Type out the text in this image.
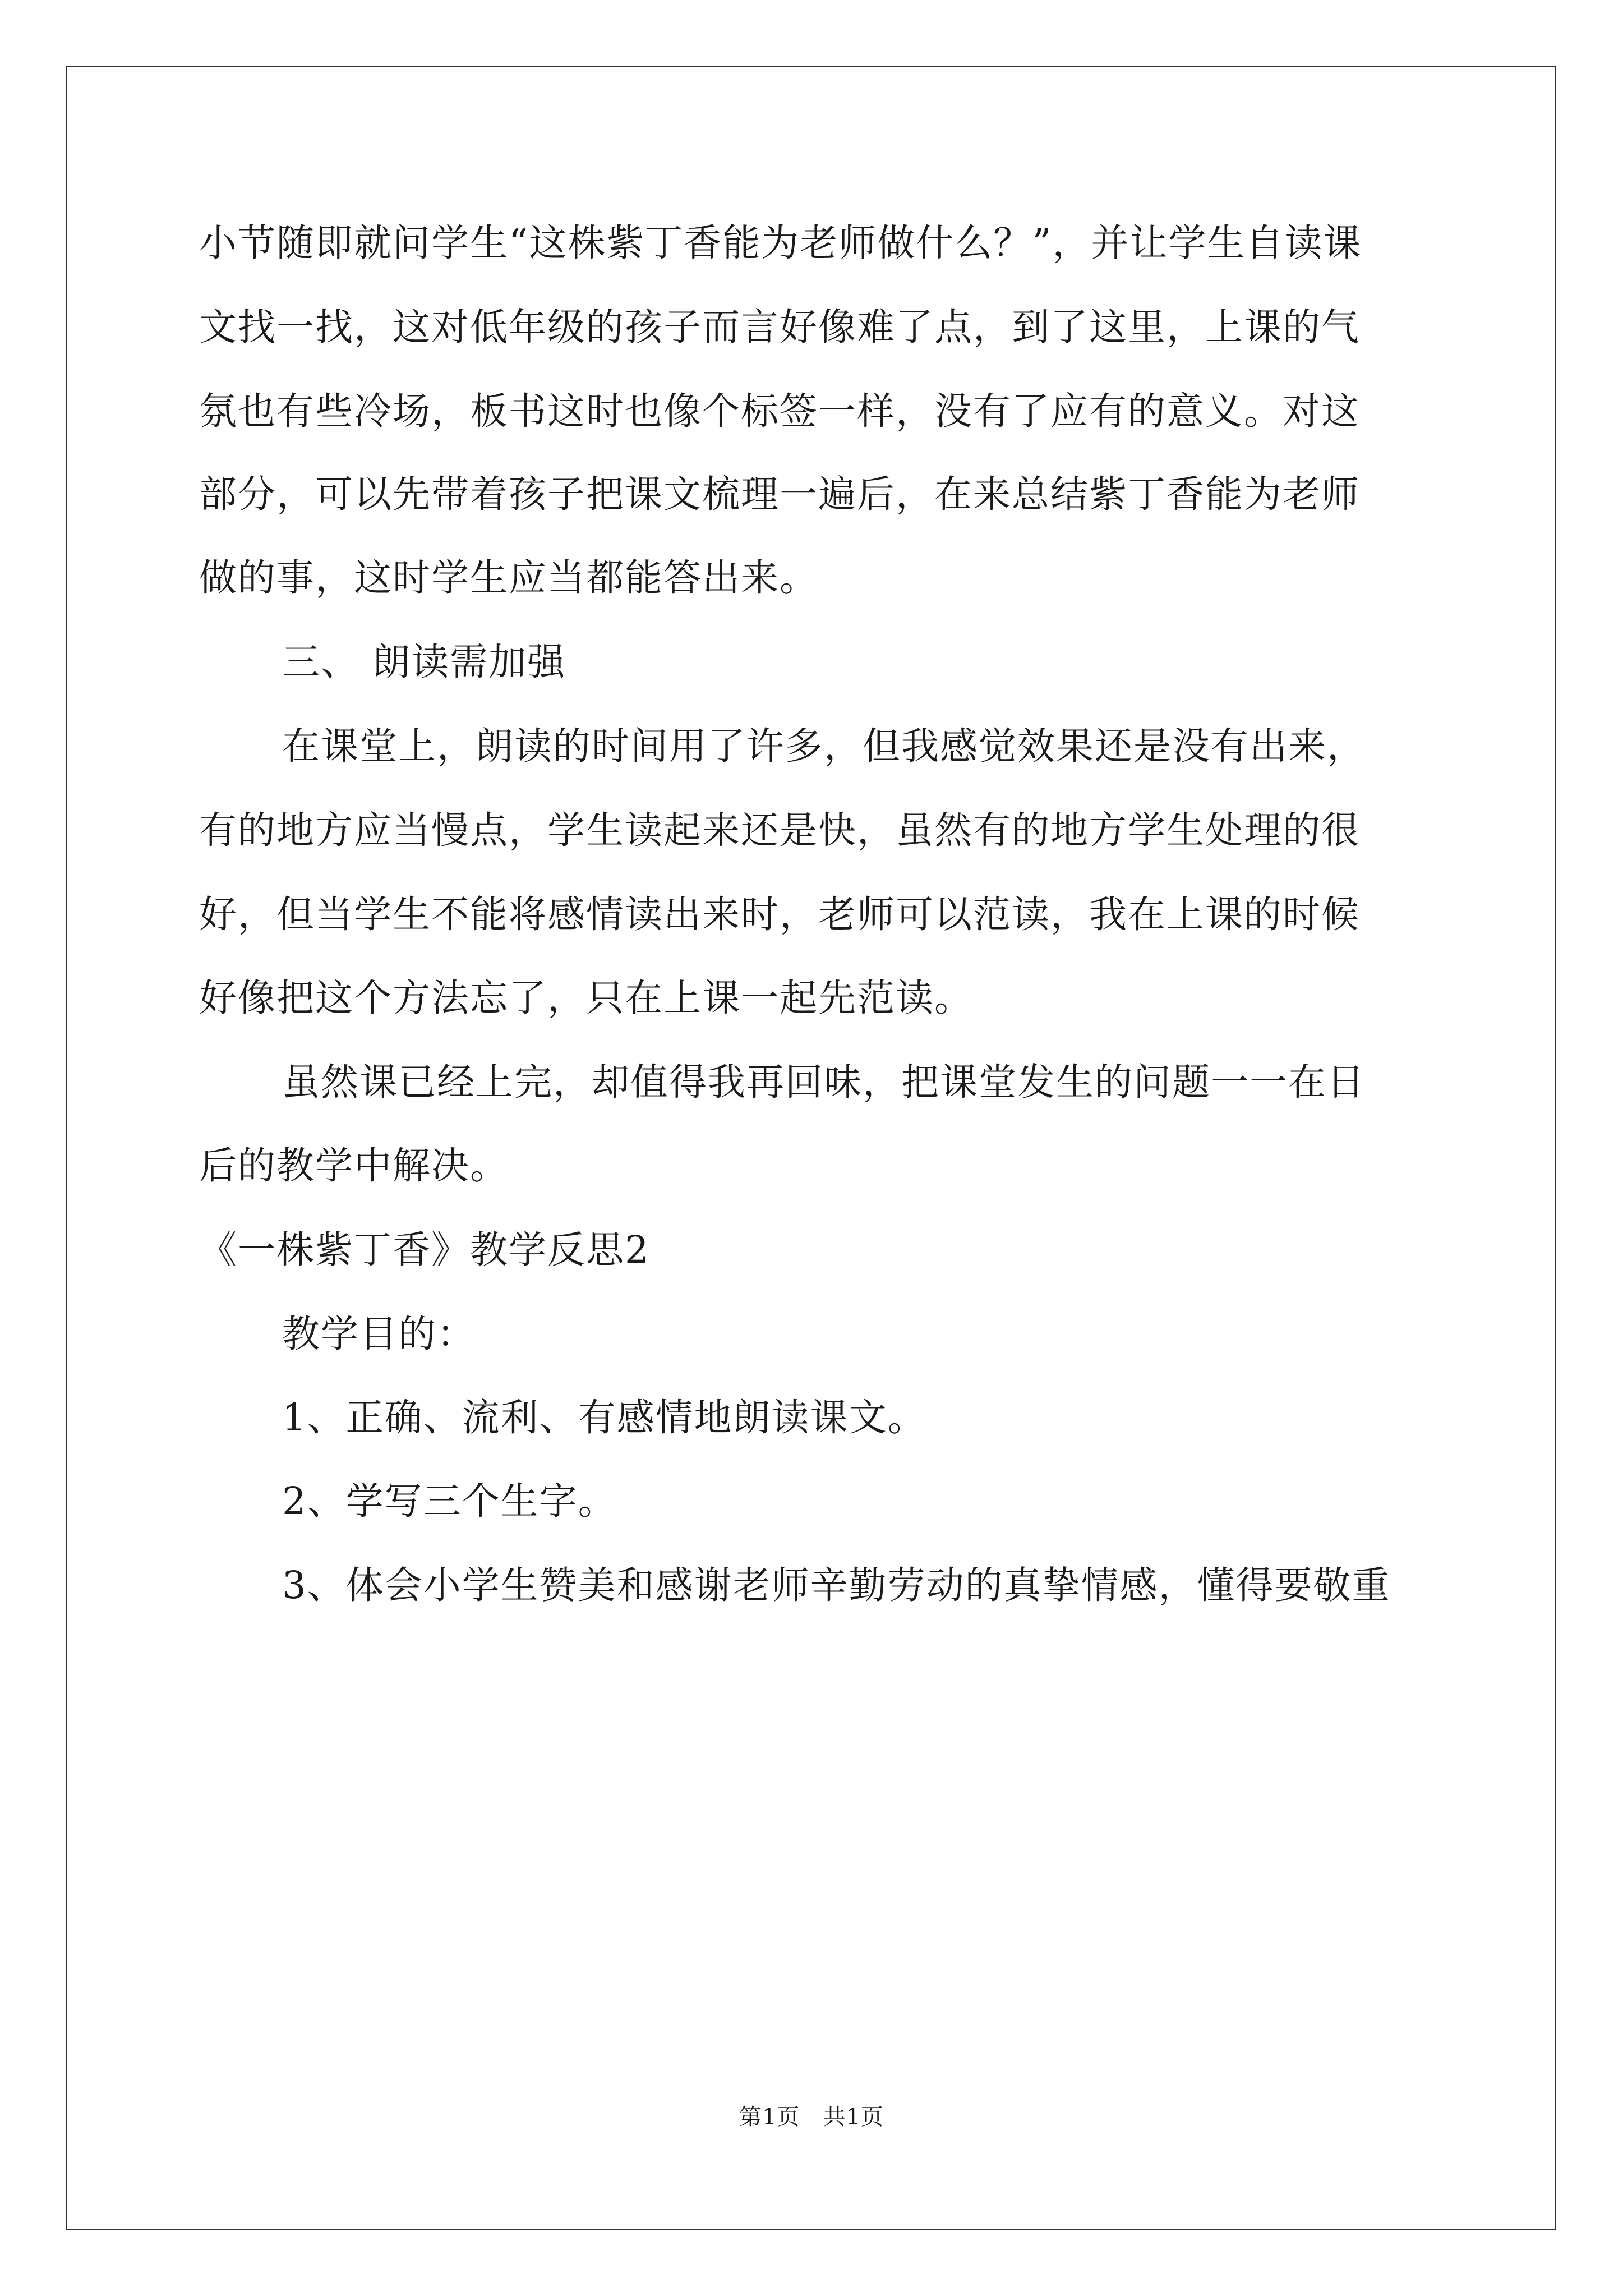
小节随即就问学生“这株紫丁香能为老师做什么？”，并让学生自读课
文找一找，这对低年级的孩子而言好像难了点，到了这里，上课的气
氛也有些冷场，板书这时也像个标签一样，没有了应有的意义。对这
部分，可以先带着孩子把课文梳理一遍后，在来总结紫丁香能为老师
做的事，这时学生应当都能答出来。
三、 朗读需加强
在课堂上，朗读的时间用了许多，但我感觉效果还是没有出来，
有的地方应当慢点，学生读起来还是快，虽然有的地方学生处理的很
好，但当学生不能将感情读出来时，老师可以范读，我在上课的时候
好像把这个方法忘了，只在上课一起先范读。
虽然课已经上完，却值得我再回味，把课堂发生的问题一一在日
后的教学中解决。
《一株紫丁香》教学反思2
教学目的：
1、正确、流利、有感情地朗读课文。
2、学写三个生字。
3、体会小学生赞美和感谢老师辛勤劳动的真挚情感，懂得要敬重
第1页　共1页
